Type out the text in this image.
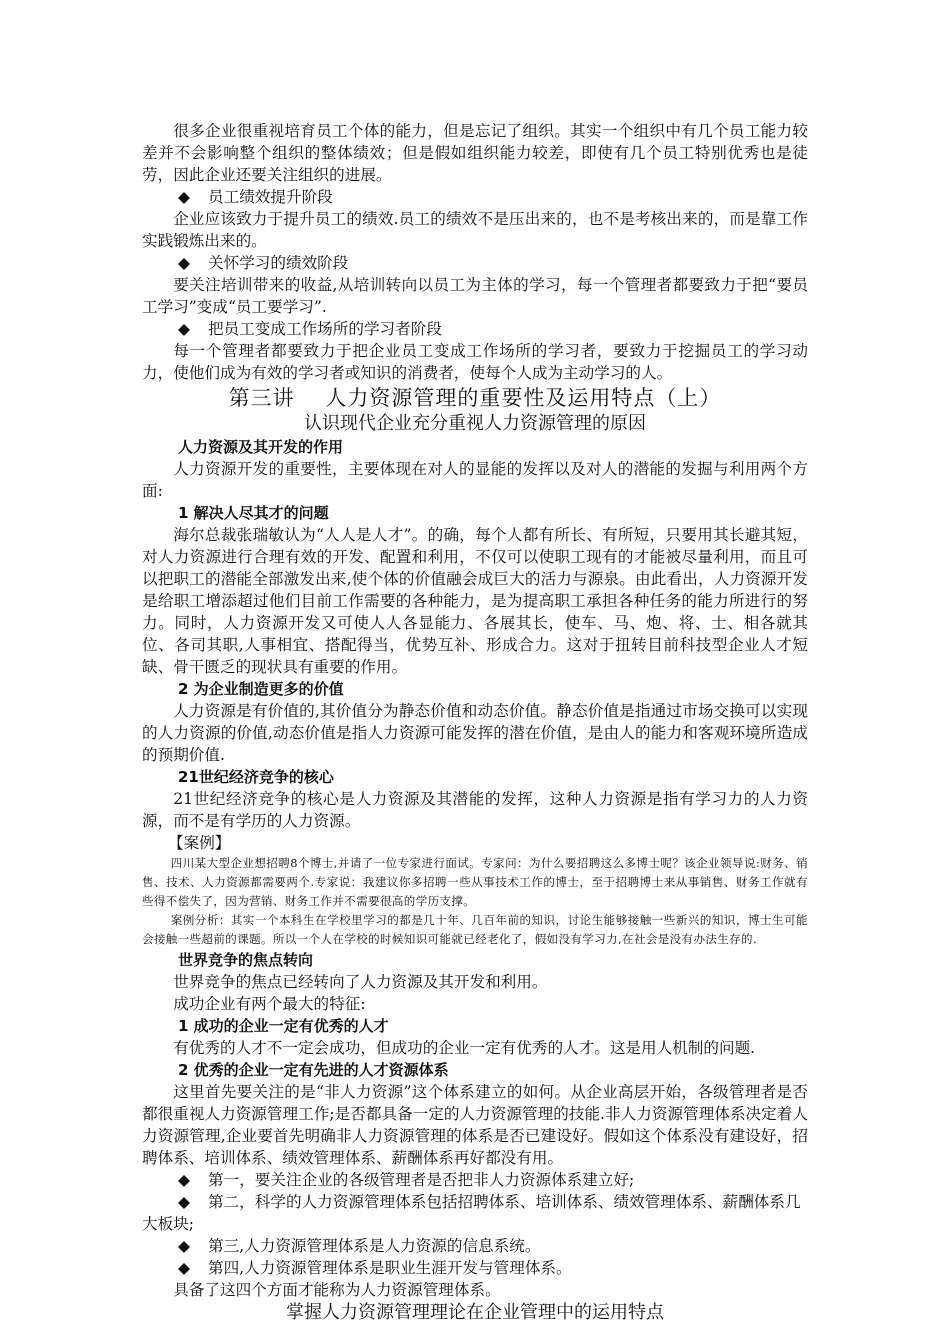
很多企业很重视培育员工个体的能力，但是忘记了组织。其实一个组织中有几个员工能力较差并不会影响整个组织的整体绩效；但是假如组织能力较差，即使有几个员工特别优秀也是徒劳，因此企业还要关注组织的进展。

◆ 员工绩效提升阶段

企业应该致力于提升员工的绩效.员工的绩效不是压出来的，也不是考核出来的，而是靠工作实践锻炼出来的。

◆ 关怀学习的绩效阶段

要关注培训带来的收益,从培训转向以员工为主体的学习，每一个管理者都要致力于把“要员工学习”变成“员工要学习”.

◆ 把员工变成工作场所的学习者阶段

每一个管理者都要致力于把企业员工变成工作场所的学习者，要致力于挖掘员工的学习动力，使他们成为有效的学习者或知识的消费者，使每个人成为主动学习的人。

第三讲    人力资源管理的重要性及运用特点（上）

认识现代企业充分重视人力资源管理的原因

人力资源及其开发的作用

人力资源开发的重要性，主要体现在对人的显能的发挥以及对人的潜能的发掘与利用两个方面:

1 解决人尽其才的问题

海尔总裁张瑞敏认为“人人是人才”。的确，每个人都有所长、有所短，只要用其长避其短，对人力资源进行合理有效的开发、配置和利用，不仅可以使职工现有的才能被尽量利用，而且可以把职工的潜能全部激发出来,使个体的价值融会成巨大的活力与源泉。由此看出，人力资源开发是给职工增添超过他们目前工作需要的各种能力，是为提高职工承担各种任务的能力所进行的努力。同时，人力资源开发又可使人人各显能力、各展其长，使车、马、炮、将、士、相各就其位、各司其职,人事相宜、搭配得当，优势互补、形成合力。这对于扭转目前科技型企业人才短缺、骨干匮乏的现状具有重要的作用。

2 为企业制造更多的价值

人力资源是有价值的,其价值分为静态价值和动态价值。静态价值是指通过市场交换可以实现的人力资源的价值,动态价值是指人力资源可能发挥的潜在价值，是由人的能力和客观环境所造成的预期价值.

21世纪经济竞争的核心

21世纪经济竞争的核心是人力资源及其潜能的发挥，这种人力资源是指有学习力的人力资源，而不是有学历的人力资源。

【案例】

四川某大型企业想招聘8个博士,并请了一位专家进行面试。专家问：为什么要招聘这么多博士呢？该企业领导说:财务、销售、技术、人力资源都需要两个.专家说：我建议你多招聘一些从事技术工作的博士，至于招聘博士来从事销售、财务工作就有些得不偿失了，因为营销、财务工作并不需要很高的学历支撑。

案例分析：其实一个本科生在学校里学习的都是几十年、几百年前的知识，讨论生能够接触一些新兴的知识，博士生可能会接触一些超前的课题。所以一个人在学校的时候知识可能就已经老化了，假如没有学习力,在社会是没有办法生存的.

世界竞争的焦点转向

世界竞争的焦点已经转向了人力资源及其开发和利用。

成功企业有两个最大的特征:

1 成功的企业一定有优秀的人才

有优秀的人才不一定会成功，但成功的企业一定有优秀的人才。这是用人机制的问题.

2 优秀的企业一定有先进的人才资源体系

这里首先要关注的是“非人力资源”这个体系建立的如何。从企业高层开始，各级管理者是否都很重视人力资源管理工作;是否都具备一定的人力资源管理的技能.非人力资源管理体系决定着人力资源管理,企业要首先明确非人力资源管理的体系是否已建设好。假如这个体系没有建设好，招聘体系、培训体系、绩效管理体系、薪酬体系再好都没有用。

◆ 第一，要关注企业的各级管理者是否把非人力资源体系建立好;

◆ 第二，科学的人力资源管理体系包括招聘体系、培训体系、绩效管理体系、薪酬体系几大板块;

◆ 第三,人力资源管理体系是人力资源的信息系统。

◆ 第四,人力资源管理体系是职业生涯开发与管理体系。

具备了这四个方面才能称为人力资源管理体系。

掌握人力资源管理理论在企业管理中的运用特点
